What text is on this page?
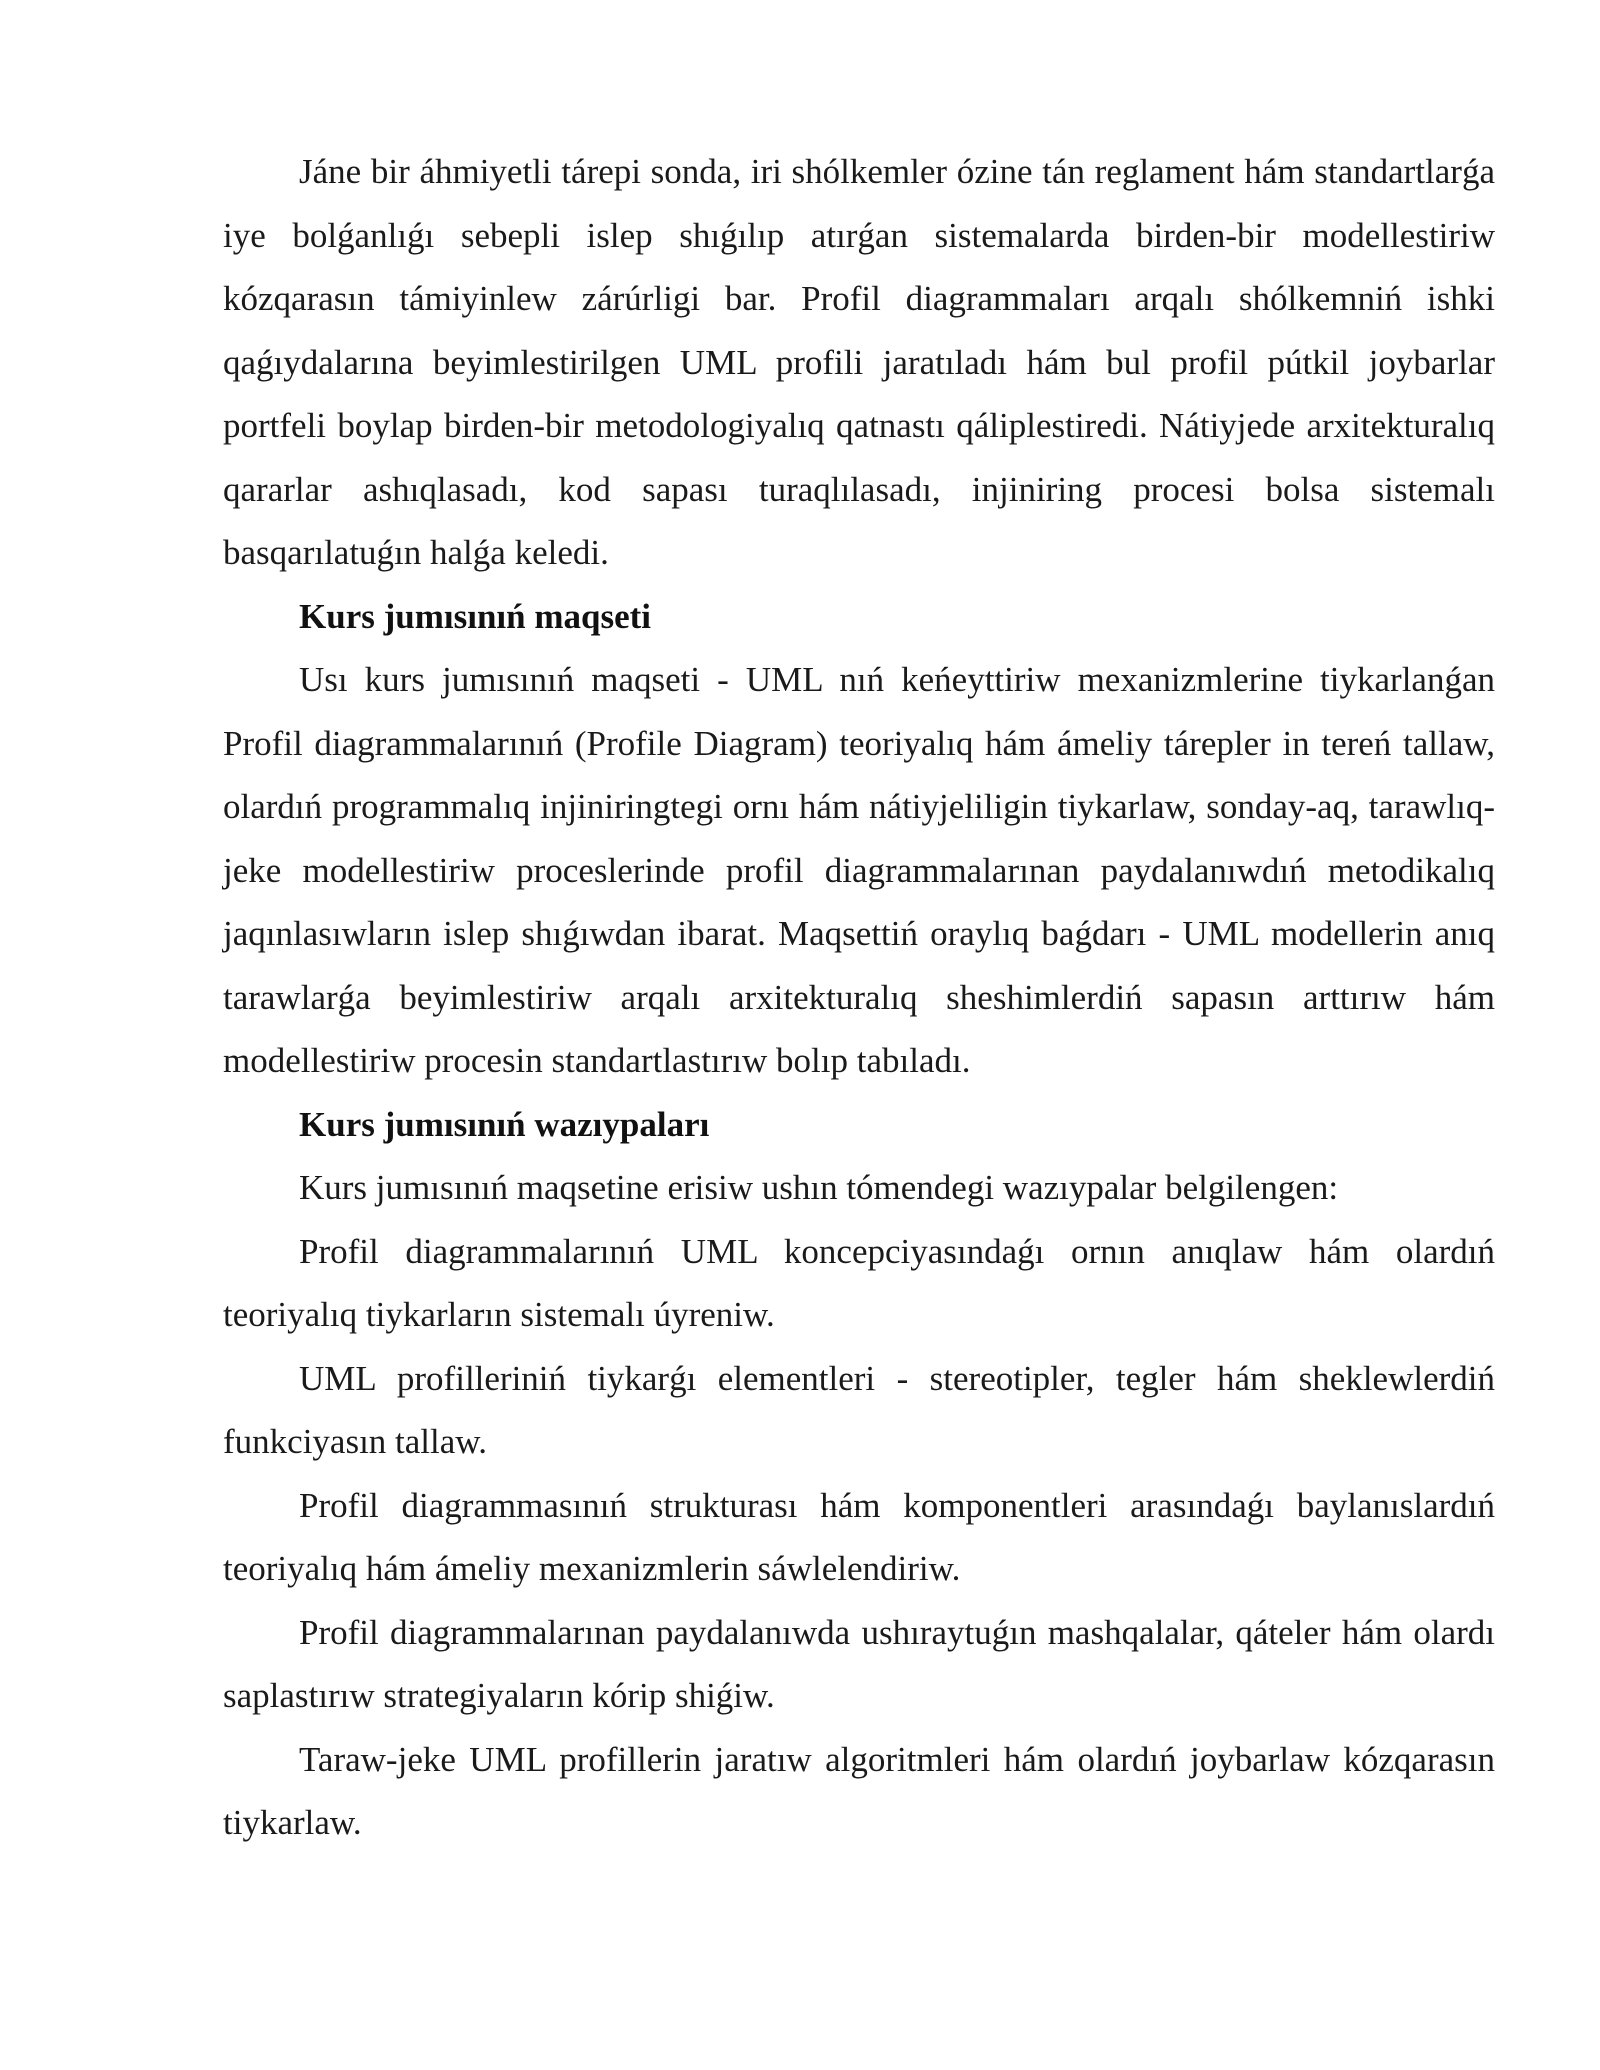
Jáne bir áhmiyetli tárepi sonda, iri shólkemler ózine tán reglament hám standartlarǵa iye bolǵanlıǵı sebepli islep shıǵılıp atırǵan sistemalarda birden-bir modellestiriw kózqarasın támiyinlew zárúrligi bar. Profil diagrammaları arqalı shólkemniń ishki qaǵıydalarına beyimlestirilgen UML profili jaratıladı hám bul profil pútkil joybarlar portfeli boylap birden-bir metodologiyalıq qatnastı qáliplestiredi. Nátiyjede arxitekturalıq qararlar ashıqlasadı, kod sapası turaqlılasadı, injiniring procesi bolsa sistemalı basqarılatuǵın halǵa keledi.

Kurs jumısınıń maqseti

Usı kurs jumısınıń maqseti - UML nıń keńeyttiriw mexanizmlerine tiykarlanǵan Profil diagrammalarınıń (Profile Diagram) teoriyalıq hám ámeliy tárepler in tereń tallaw, olardıń programmalıq injiniringtegi ornı hám nátiyjeliligin tiykarlaw, sonday-aq, tarawlıq-jeke modellestiriw proceslerinde profil diagrammalarınan paydalanıwdıń metodikalıq jaqınlasıwların islep shıǵıwdan ibarat. Maqsettiń oraylıq baǵdarı - UML modellerin anıq tarawlarǵa beyimlestiriw arqalı arxitekturalıq sheshimlerdiń sapasın arttırıw hám modellestiriw procesin standartlastırıw bolıp tabıladı.

Kurs jumısınıń wazıypaları

Kurs jumısınıń maqsetine erisiw ushın tómendegi wazıypalar belgilengen:

Profil diagrammalarınıń UML koncepciyasındaǵı ornın anıqlaw hám olardıń teoriyalıq tiykarların sistemalı úyreniw.

UML profilleriniń tiykarǵı elementleri - stereotipler, tegler hám sheklewlerdiń funkciyasın tallaw.

Profil diagrammasınıń strukturası hám komponentleri arasındaǵı baylanıslardıń teoriyalıq hám ámeliy mexanizmlerin sáwlelendiriw.

Profil diagrammalarınan paydalanıwda ushıraytuǵın mashqalalar, qáteler hám olardı saplastırıw strategiyaların kórip shiǵiw.

Taraw-jeke UML profillerin jaratıw algoritmleri hám olardıń joybarlaw kózqarasın tiykarlaw.
